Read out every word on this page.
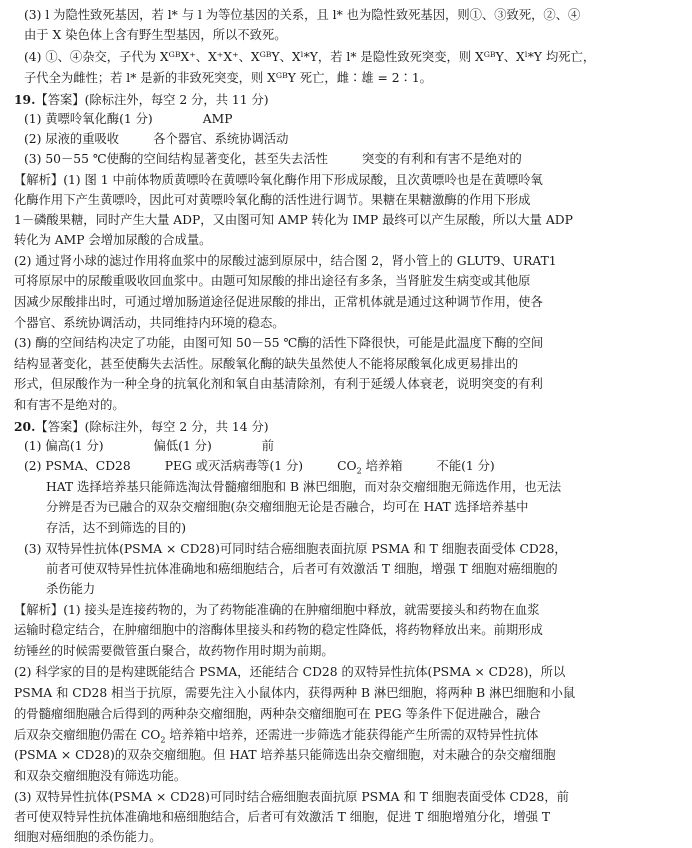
(3) l 为隐性致死基因，若 l* 与 l 为等位基因的关系，且 l* 也为隐性致死基因，则①、③致死，②、④
由于 X 染色体上含有野生型基因，所以不致死。
(4) ①、④杂交，子代为 XᴳᴮX⁺、X⁺X⁺、XᴳᴮY、Xˡ*Y，若 l* 是隐性致死突变，则 XᴳᴮY、Xˡ*Y 均死亡，
子代全为雌性；若 l* 是新的非致死突变，则 XᴳᴮY 死亡，雌∶雄 = 2∶1。
19.【答案】(除标注外，每空 2 分，共 11 分)
(1) 黄嘌呤氧化酶(1 分)	AMP
(2) 尿液的重吸收	各个器官、系统协调活动
(3) 50－55 ℃使酶的空间结构显著变化，甚至失去活性	突变的有利和有害不是绝对的
【解析】(1) 图 1 中前体物质黄嘌呤在黄嘌呤氧化酶作用下形成尿酸，且次黄嘌呤也是在黄嘌呤氧
化酶作用下产生黄嘌呤，因此可对黄嘌呤氧化酶的活性进行调节。果糖在果糖激酶的作用下形成
1－磷酸果糖，同时产生大量 ADP，又由图可知 AMP 转化为 IMP 最终可以产生尿酸，所以大量 ADP
转化为 AMP 会增加尿酸的合成量。
(2) 通过肾小球的滤过作用将血浆中的尿酸过滤到原尿中，结合图 2，肾小管上的 GLUT9、URAT1
可将原尿中的尿酸重吸收回血浆中。由题可知尿酸的排出途径有多条，当肾脏发生病变或其他原
因减少尿酸排出时，可通过增加肠道途径促进尿酸的排出，正常机体就是通过这种调节作用，使各
个器官、系统协调活动，共同维持内环境的稳态。
(3) 酶的空间结构决定了功能，由图可知 50－55 ℃酶的活性下降很快，可能是此温度下酶的空间
结构显著变化，甚至使酶失去活性。尿酸氧化酶的缺失虽然使人不能将尿酸氧化成更易排出的
形式，但尿酸作为一种全身的抗氧化剂和氧自由基清除剂，有利于延缓人体衰老，说明突变的有利
和有害不是绝对的。
20.【答案】(除标注外，每空 2 分，共 14 分)
(1) 偏高(1 分)	偏低(1 分)	前
(2) PSMA、CD28	PEG 或灭活病毒等(1 分)	$CO_2$ 培养箱	不能(1 分)
HAT 选择培养基只能筛选淘汰骨髓瘤细胞和 B 淋巴细胞，而对杂交瘤细胞无筛选作用，也无法
分辨是否为已融合的双杂交瘤细胞(杂交瘤细胞无论是否融合，均可在 HAT 选择培养基中
存活，达不到筛选的目的)
(3) 双特异性抗体(PSMA × CD28)可同时结合癌细胞表面抗原 PSMA 和 T 细胞表面受体 CD28，
前者可使双特异性抗体准确地和癌细胞结合，后者可有效激活 T 细胞，增强 T 细胞对癌细胞的
杀伤能力
【解析】(1) 接头是连接药物的，为了药物能准确的在肿瘤细胞中释放，就需要接头和药物在血浆
运输时稳定结合，在肿瘤细胞中的溶酶体里接头和药物的稳定性降低，将药物释放出来。前期形成
纺锤丝的时候需要微管蛋白聚合，故药物作用时期为前期。
(2) 科学家的目的是构建既能结合 PSMA，还能结合 CD28 的双特异性抗体(PSMA × CD28)，所以
PSMA 和 CD28 相当于抗原，需要先注入小鼠体内，获得两种 B 淋巴细胞，将两种 B 淋巴细胞和小鼠
的骨髓瘤细胞融合后得到的两种杂交瘤细胞，两种杂交瘤细胞可在 PEG 等条件下促进融合，融合
后双杂交瘤细胞仍需在 $CO_2$ 培养箱中培养，还需进一步筛选才能获得能产生所需的双特异性抗体
(PSMA × CD28)的双杂交瘤细胞。但 HAT 培养基只能筛选出杂交瘤细胞，对未融合的杂交瘤细胞
和双杂交瘤细胞没有筛选功能。
(3) 双特异性抗体(PSMA × CD28)可同时结合癌细胞表面抗原 PSMA 和 T 细胞表面受体 CD28，前
者可使双特异性抗体准确地和癌细胞结合，后者可有效激活 T 细胞，促进 T 细胞增殖分化，增强 T
细胞对癌细胞的杀伤能力。
